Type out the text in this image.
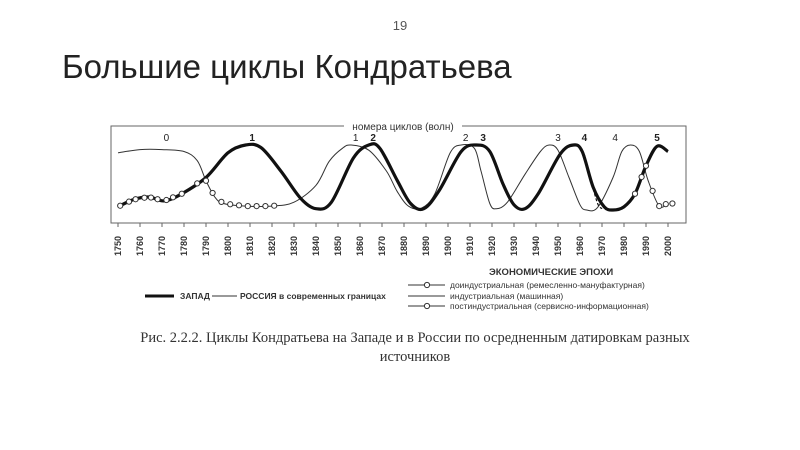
19
Большие циклы Кондратьева
номера циклов (волн)
0	1	1 2	2 3	3 4	4	5
1750 1760 1770 1780 1790 1800 1810 1820 1830 1840 1850 1860 1870 1880 1890 1900 1910 1920 1930 1940 1950 1960 1970 1980 1990 2000
ЗАПАД	РОССИЯ в современных границах
ЭКОНОМИЧЕСКИЕ ЭПОХИ
доиндустриальная (ремесленно-мануфактурная)
индустриальная (машинная)
постиндустриальная (сервисно-информационная)
Рис. 2.2.2. Циклы Кондратьева на Западе и в России по осредненным датировкам разных источников
